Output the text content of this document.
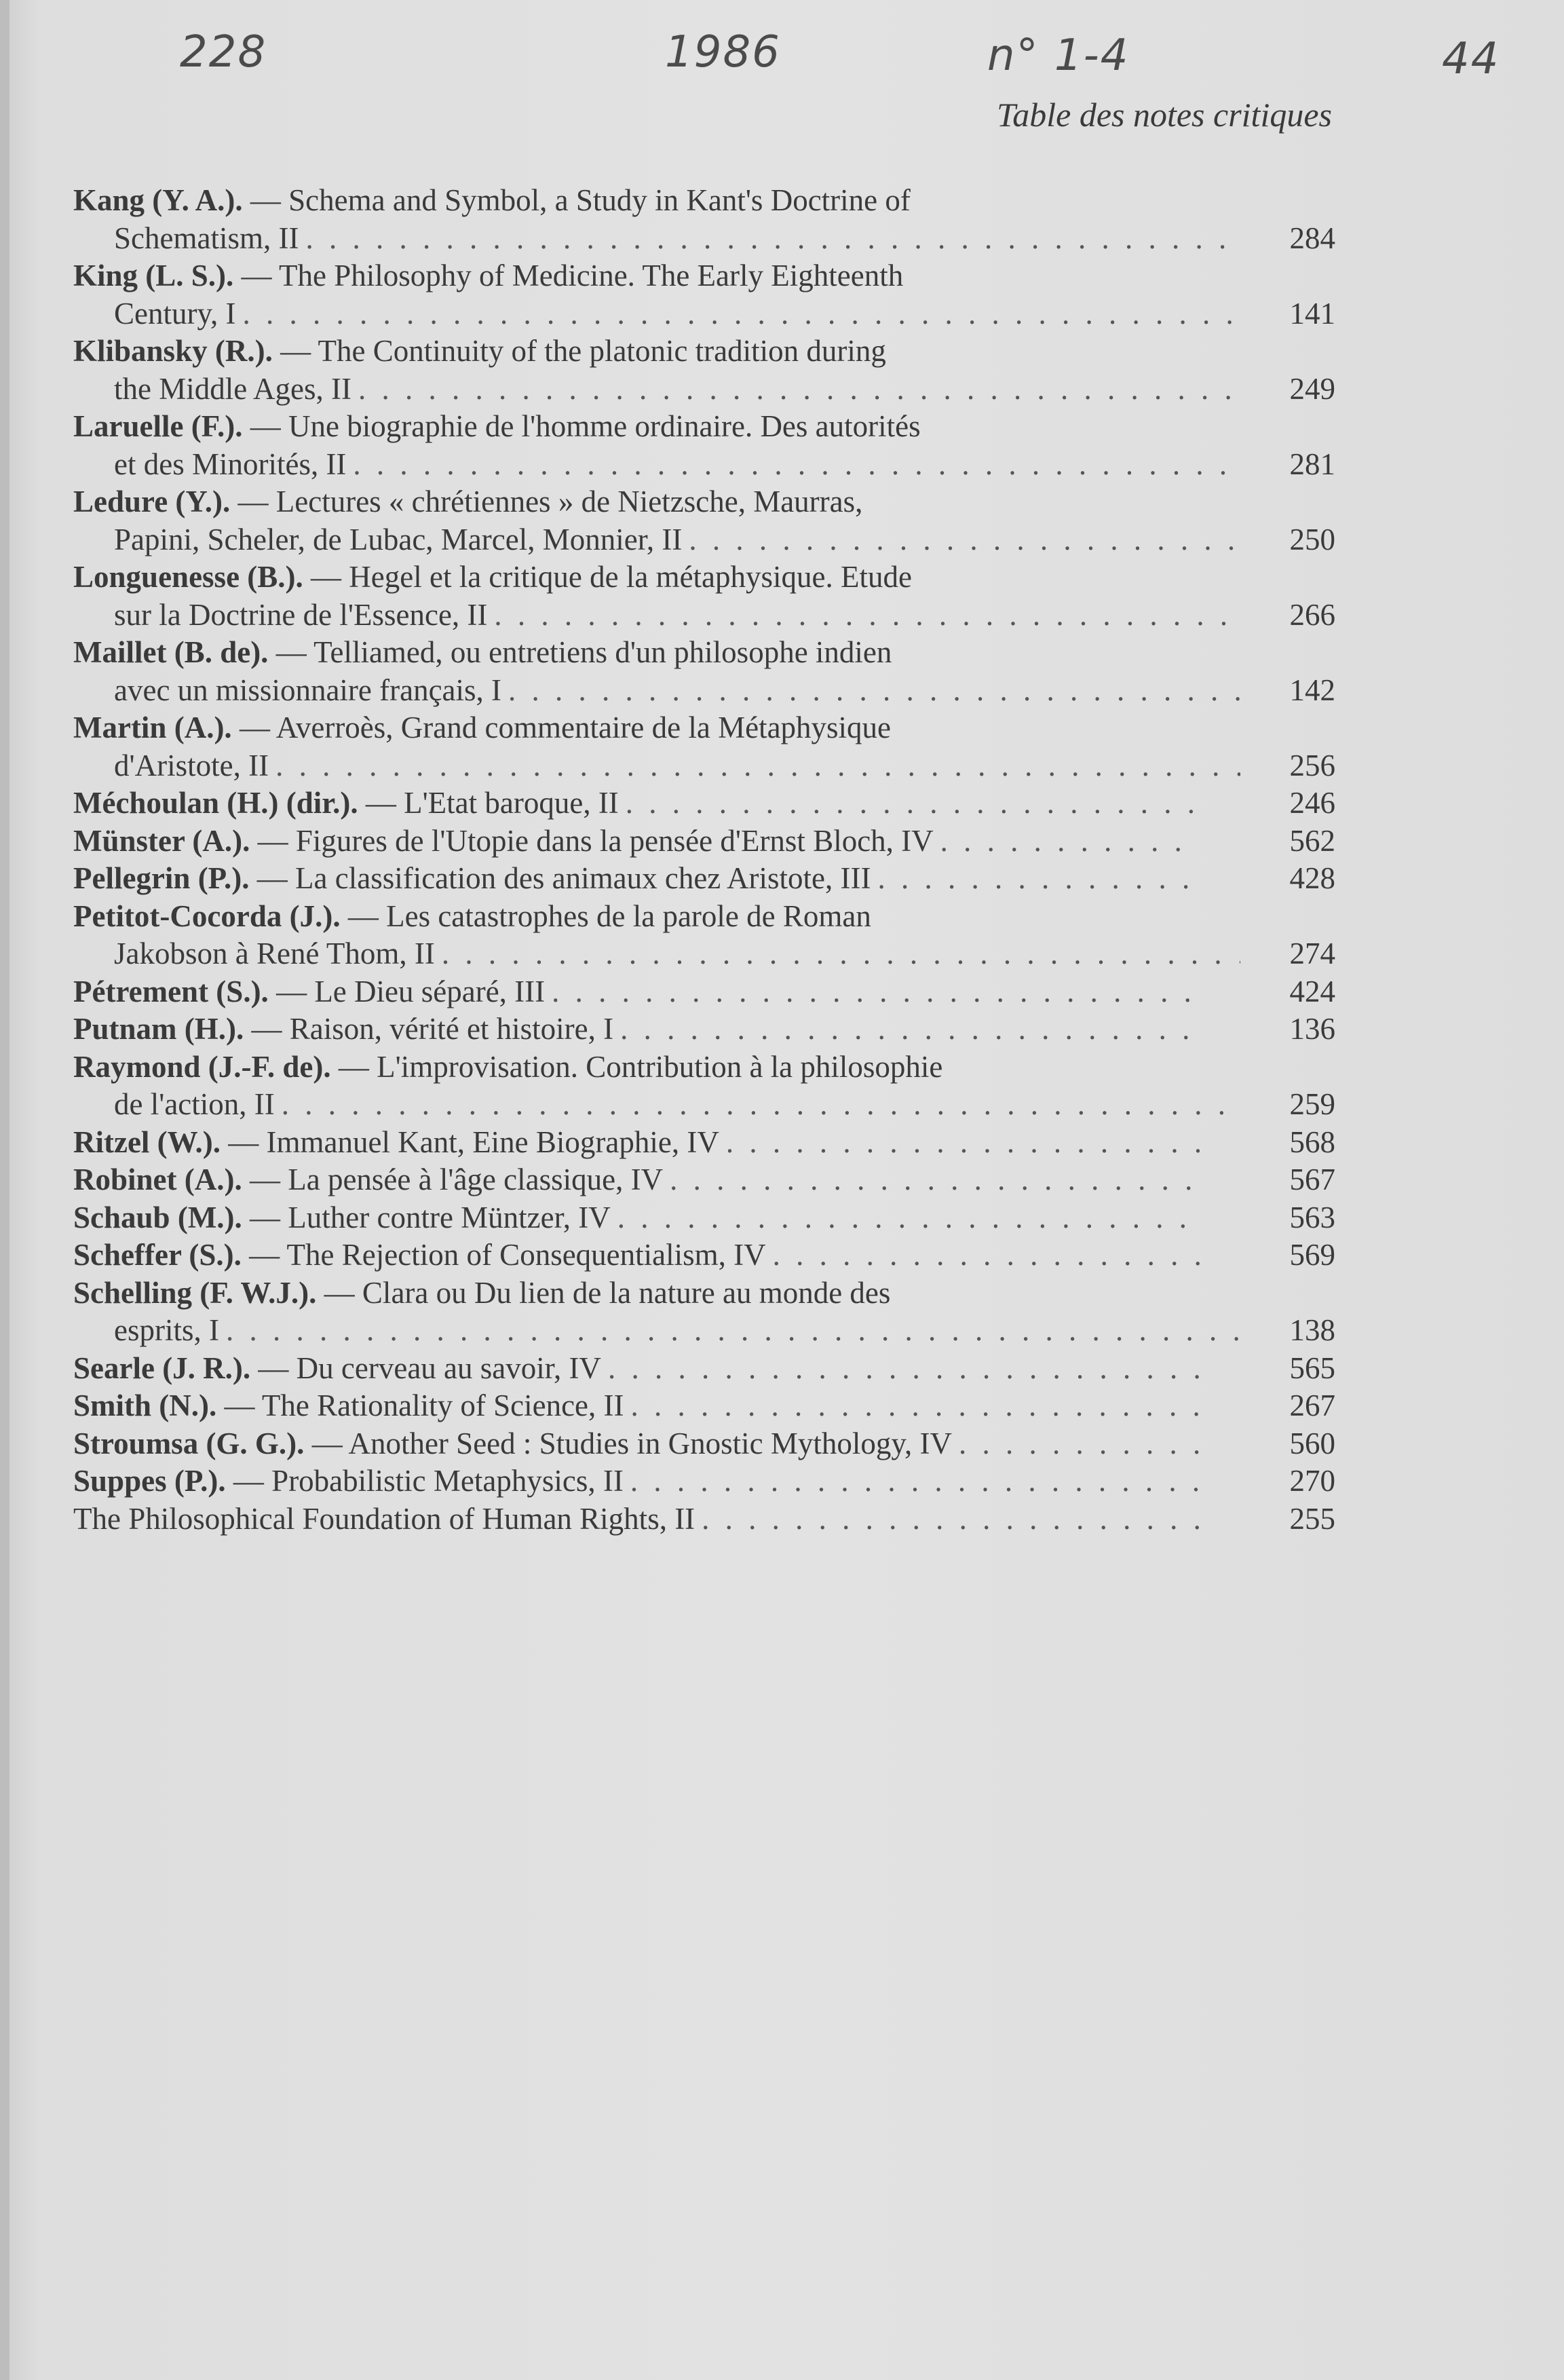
228	1986	n° 1-4	44
Table des notes critiques
Kang (Y. A.). — Schema and Symbol, a Study in Kant's Doctrine of
Schematism, II . . .	284
King (L. S.). — The Philosophy of Medicine. The Early Eighteenth
Century, I . . .	141
Klibansky (R.). — The Continuity of the platonic tradition during
the Middle Ages, II . . .	249
Laruelle (F.). — Une biographie de l'homme ordinaire. Des autorités
et des Minorités, II . . .	281
Ledure (Y.). — Lectures « chrétiennes » de Nietzsche, Maurras,
Papini, Scheler, de Lubac, Marcel, Monnier, II . . .	250
Longuenesse (B.). — Hegel et la critique de la métaphysique. Etude
sur la Doctrine de l'Essence, II . . .	266
Maillet (B. de). — Telliamed, ou entretiens d'un philosophe indien
avec un missionnaire français, I . . .	142
Martin (A.). — Averroès, Grand commentaire de la Métaphysique
d'Aristote, II . . .	256
Méchoulan (H.) (dir.). — L'Etat baroque, II . . .	246
Münster (A.). — Figures de l'Utopie dans la pensée d'Ernst Bloch, IV . . .	562
Pellegrin (P.). — La classification des animaux chez Aristote, III . . .	428
Petitot-Cocorda (J.). — Les catastrophes de la parole de Roman
Jakobson à René Thom, II . . .	274
Pétrement (S.). — Le Dieu séparé, III . . .	424
Putnam (H.). — Raison, vérité et histoire, I . . .	136
Raymond (J.-F. de). — L'improvisation. Contribution à la philosophie
de l'action, II . . .	259
Ritzel (W.). — Immanuel Kant, Eine Biographie, IV . . .	568
Robinet (A.). — La pensée à l'âge classique, IV . . .	567
Schaub (M.). — Luther contre Müntzer, IV . . .	563
Scheffer (S.). — The Rejection of Consequentialism, IV . . .	569
Schelling (F. W.J.). — Clara ou Du lien de la nature au monde des
esprits, I . . .	138
Searle (J. R.). — Du cerveau au savoir, IV . . .	565
Smith (N.). — The Rationality of Science, II . . .	267
Stroumsa (G. G.). — Another Seed : Studies in Gnostic Mythology, IV . . .	560
Suppes (P.). — Probabilistic Metaphysics, II . . .	270
The Philosophical Foundation of Human Rights, II . . .	255
